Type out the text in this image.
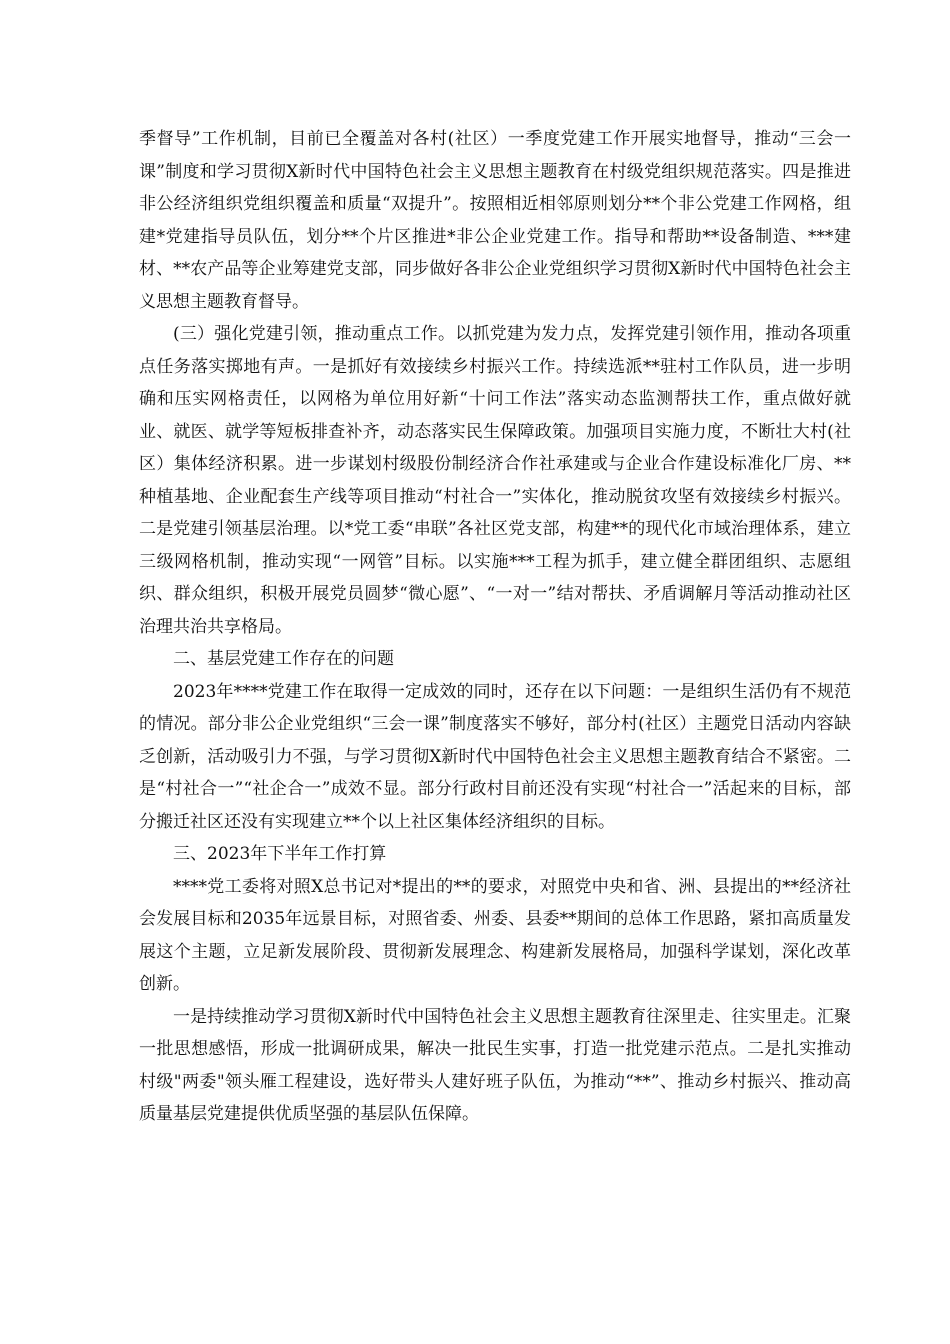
季督导”工作机制，目前已全覆盖对各村(社区）一季度党建工作开展实地督导，推动“三会一课”制度和学习贯彻Ⅹ新时代中国特色社会主义思想主题教育在村级党组织规范落实。四是推进非公经济组织党组织覆盖和质量“双提升”。按照相近相邻原则划分**个非公党建工作网格，组建*党建指导员队伍，划分**个片区推进*非公企业党建工作。指导和帮助**设备制造、***建材、**农产品等企业筹建党支部，同步做好各非公企业党组织学习贯彻Ⅹ新时代中国特色社会主义思想主题教育督导。

(三）强化党建引领，推动重点工作。以抓党建为发力点，发挥党建引领作用，推动各项重点任务落实掷地有声。一是抓好有效接续乡村振兴工作。持续选派**驻村工作队员，进一步明确和压实网格责任，以网格为单位用好新“十问工作法”落实动态监测帮扶工作，重点做好就业、就医、就学等短板排查补齐，动态落实民生保障政策。加强项目实施力度，不断壮大村(社区）集体经济积累。进一步谋划村级股份制经济合作社承建或与企业合作建设标准化厂房、**种植基地、企业配套生产线等项目推动“村社合一”实体化，推动脱贫攻坚有效接续乡村振兴。二是党建引领基层治理。以*党工委“串联”各社区党支部，构建**的现代化市域治理体系，建立三级网格机制，推动实现“一网管”目标。以实施***工程为抓手，建立健全群团组织、志愿组织、群众组织，积极开展党员圆梦“微心愿”、“一对一”结对帮扶、矛盾调解月等活动推动社区治理共治共享格局。

二、基层党建工作存在的问题

2023年****党建工作在取得一定成效的同时，还存在以下问题：一是组织生活仍有不规范的情况。部分非公企业党组织“三会一课”制度落实不够好，部分村(社区）主题党日活动内容缺乏创新，活动吸引力不强，与学习贯彻Ⅹ新时代中国特色社会主义思想主题教育结合不紧密。二是“村社合一”“社企合一”成效不显。部分行政村目前还没有实现“村社合一”活起来的目标，部分搬迁社区还没有实现建立**个以上社区集体经济组织的目标。

三、2023年下半年工作打算

****党工委将对照Ⅹ总书记对*提出的**的要求，对照党中央和省、洲、县提出的**经济社会发展目标和2035年远景目标，对照省委、州委、县委**期间的总体工作思路，紧扣高质量发展这个主题，立足新发展阶段、贯彻新发展理念、构建新发展格局，加强科学谋划，深化改革创新。

一是持续推动学习贯彻Ⅹ新时代中国特色社会主义思想主题教育往深里走、往实里走。汇聚一批思想感悟，形成一批调研成果，解决一批民生实事，打造一批党建示范点。二是扎实推动村级"两委"领头雁工程建设，选好带头人建好班子队伍，为推动“**”、推动乡村振兴、推动高质量基层党建提供优质坚强的基层队伍保障。
